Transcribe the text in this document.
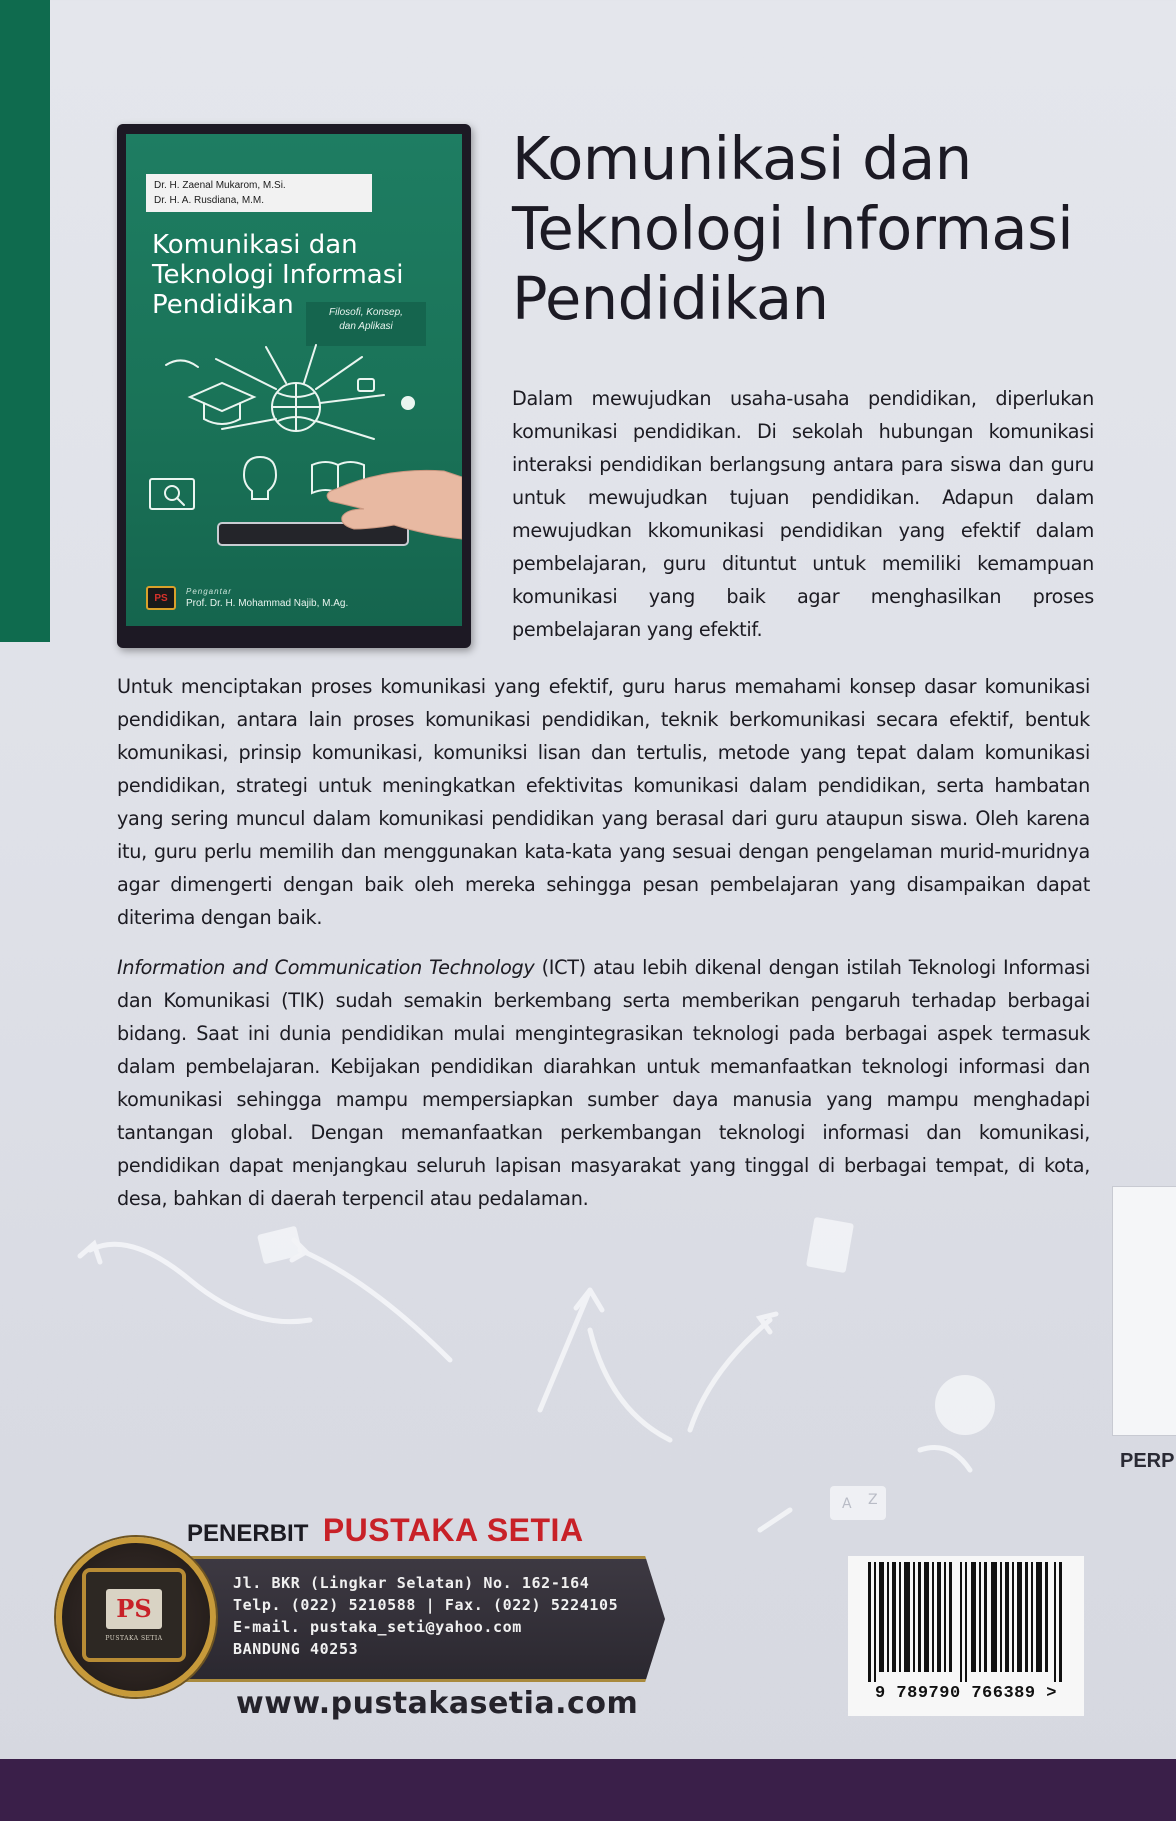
Dr. H. Zaenal Mukarom, M.Si.
Dr. H. A. Rusdiana, M.M.
Komunikasi dan
Teknologi Informasi
Pendidikan	Filosofi, Konsep,
dan Aplikasi
PS
Pengantar
Prof. Dr. H. Mohammad Najib, M.Ag.
Komunikasi dan
Teknologi Informasi
Pendidikan

Dalam mewujudkan usaha-usaha pendidikan, diperlukan komunikasi pendidikan. Di sekolah hubungan komunikasi interaksi pendidikan berlangsung antara para siswa dan guru untuk mewujudkan tujuan pendidikan. Adapun dalam mewujudkan kkomunikasi pendidikan yang efektif dalam pembelajaran, guru dituntut untuk memiliki kemampuan komunikasi yang baik agar menghasilkan proses pembelajaran yang efektif.

Untuk menciptakan proses komunikasi yang efektif, guru harus memahami konsep dasar komunikasi pendidikan, antara lain proses komunikasi pendidikan, teknik berkomunikasi secara efektif, bentuk komunikasi, prinsip komunikasi, komuniksi lisan dan tertulis, metode yang tepat dalam komunikasi pendidikan, strategi untuk meningkatkan efektivitas komunikasi dalam pendidikan, serta hambatan yang sering muncul dalam komunikasi pendidikan yang berasal dari guru ataupun siswa. Oleh karena itu, guru perlu memilih dan menggunakan kata-kata yang sesuai dengan pengelaman murid-muridnya agar dimengerti dengan baik oleh mereka sehingga pesan pembelajaran yang disampaikan dapat diterima dengan baik.

Information and Communication Technology (ICT) atau lebih dikenal dengan istilah Teknologi Informasi dan Komunikasi (TIK) sudah semakin berkembang serta memberikan pengaruh terhadap berbagai bidang. Saat ini dunia pendidikan mulai mengintegrasikan teknologi pada berbagai aspek termasuk dalam pembelajaran. Kebijakan pendidikan diarahkan untuk memanfaatkan teknologi informasi dan komunikasi sehingga mampu mempersiapkan sumber daya manusia yang mampu menghadapi tantangan global. Dengan memanfaatkan perkembangan teknologi informasi dan komunikasi, pendidikan dapat menjangkau seluruh lapisan masyarakat yang tinggal di berbagai tempat, di kota, desa, bahkan di daerah terpencil atau pedalaman.

A Z
PERP
PENERBIT PUSTAKA SETIA
Jl. BKR (Lingkar Selatan) No. 162-164
Telp. (022) 5210588 | Fax. (022) 5224105
E-mail. pustaka_seti@yahoo.com
BANDUNG 40253
PS
PUSTAKA SETIA
www.pustakasetia.com	9 789790 766389 >
